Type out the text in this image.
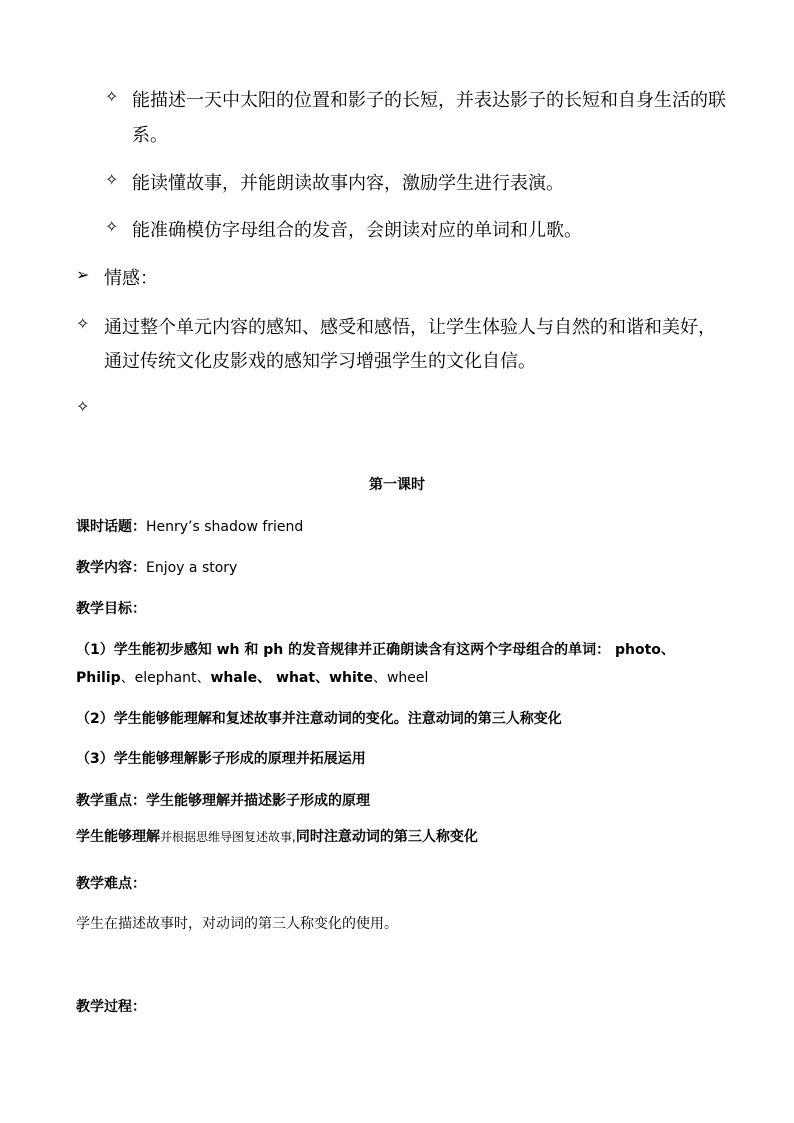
✧ 能描述一天中太阳的位置和影子的长短，并表达影子的长短和自身生活的联
系。
✧ 能读懂故事，并能朗读故事内容，激励学生进行表演。
✧ 能准确模仿字母组合的发音，会朗读对应的单词和儿歌。
➢ 情感：
✧ 通过整个单元内容的感知、感受和感悟，让学生体验人与自然的和谐和美好，
通过传统文化皮影戏的感知学习增强学生的文化自信。
✧
第一课时
课时话题：Henry’s shadow friend
教学内容：Enjoy a story
教学目标：
（1）学生能初步感知 wh 和 ph 的发音规律并正确朗读含有这两个字母组合的单词： photo、
Philip、elephant、whale、 what、white、wheel
（2）学生能够能理解和复述故事并注意动词的变化。注意动词的第三人称变化
（3）学生能够理解影子形成的原理并拓展运用
教学重点：学生能够理解并描述影子形成的原理
学生能够理解并根据思维导图复述故事,同时注意动词的第三人称变化
教学难点：
学生在描述故事时，对动词的第三人称变化的使用。
教学过程：
